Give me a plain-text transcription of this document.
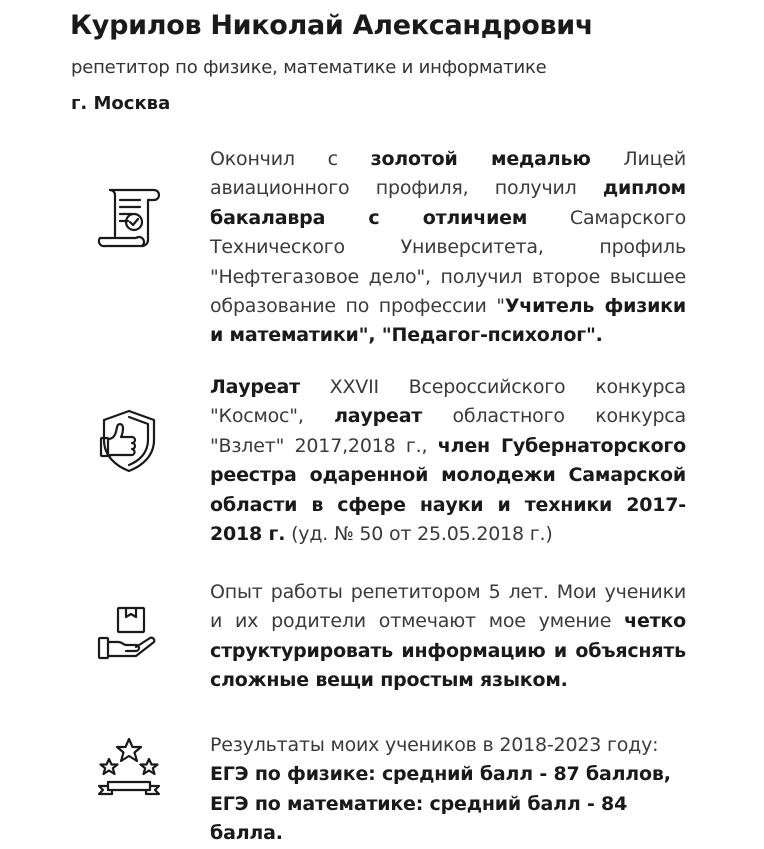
Курилов Николай Александрович
репетитор по физике, математике и информатике
г. Москва
Окончил с золотой медалью Лицей авиационного профиля, получил диплом бакалавра с отличием Самарского Технического Университета, профиль "Нефтегазовое дело", получил второе высшее образование по профессии "Учитель физики и математики", "Педагог-психолог".
Лауреат XXVII Всероссийского конкурса "Космос", лауреат областного конкурса "Взлет" 2017,2018 г., член Губернаторского реестра одаренной молодежи Самарской области в сфере науки и техники 2017-2018 г. (уд. № 50 от 25.05.2018 г.)
Опыт работы репетитором 5 лет. Мои ученики и их родители отмечают мое умение четко структурировать информацию и объяснять сложные вещи простым языком.
Результаты моих учеников в 2018-2023 году:
ЕГЭ по физике: средний балл - 87 баллов,
ЕГЭ по математике: средний балл - 84 балла.
